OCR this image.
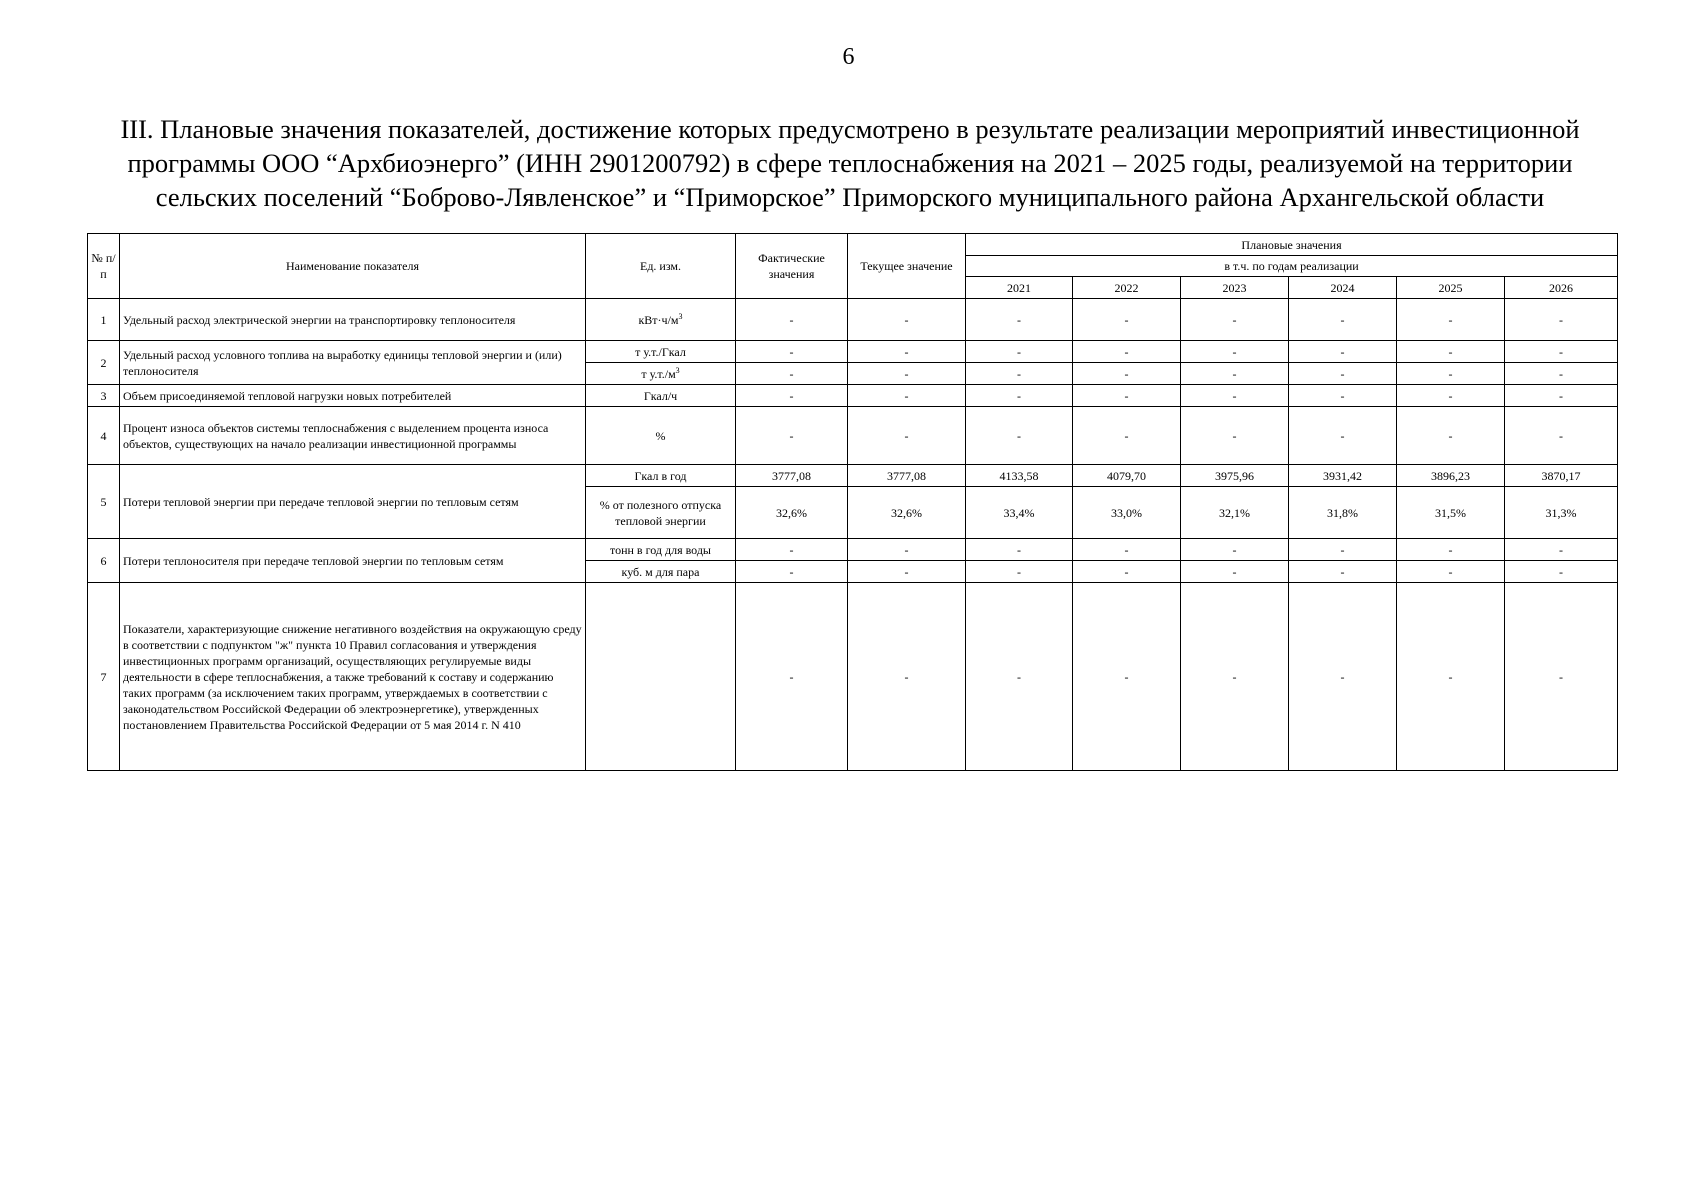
6
III. Плановые значения показателей, достижение которых предусмотрено в результате реализации мероприятий инвестиционной
программы ООО “Архбиоэнерго” (ИНН 2901200792) в сфере теплоснабжения на 2021 – 2025 годы, реализуемой на территории
сельских поселений “Боброво-Лявленское” и “Приморское” Приморского муниципального района Архангельской области
№ п/п	Наименование показателя	Ед. изм.	Фактические значения	Текущее значение	Плановые значения					
					в т.ч. по годам реализации					
					2021	2022	2023	2024	2025	2026
1	Удельный расход электрической энергии на транспортировку теплоносителя	$кВт\cdot ч/м^3$	-	-	-	-	-	-	-	-
2	Удельный расход условного топлива на выработку единицы тепловой энергии и (или) теплоносителя	т у.т./Гкал	-	-	-	-	-	-	-	-
		т $у.т./м^3$	-	-	-	-	-	-	-	-
3	Объем присоединяемой тепловой нагрузки новых потребителей	Гкал/ч	-	-	-	-	-	-	-	-
4	Процент износа объектов системы теплоснабжения с выделением процента износа объектов, существующих на начало реализации инвестиционной программы	%	-	-	-	-	-	-	-	-
5	Потери тепловой энергии при передаче тепловой энергии по тепловым сетям	Гкал в год	3777,08	3777,08	4133,58	4079,70	3975,96	3931,42	3896,23	3870,17
		% от полезного отпуска тепловой энергии	32,6%	32,6%	33,4%	33,0%	32,1%	31,8%	31,5%	31,3%
6	Потери теплоносителя при передаче тепловой энергии по тепловым сетям	тонн в год для воды	-	-	-	-	-	-	-	-
		куб. м для пара	-	-	-	-	-	-	-	-
7	Показатели, характеризующие снижение негативного воздействия на окружающую среду в соответствии с подпунктом "ж" пункта 10 Правил согласования и утверждения инвестиционных программ организаций, осуществляющих регулируемые виды деятельности в сфере теплоснабжения, а также требований к составу и содержанию таких программ (за исключением таких программ, утверждаемых в соответствии с законодательством Российской Федерации об электроэнергетике), утвержденных постановлением Правительства Российской Федерации от 5 мая 2014 г. N 410		-	-	-	-	-	-	-	-
